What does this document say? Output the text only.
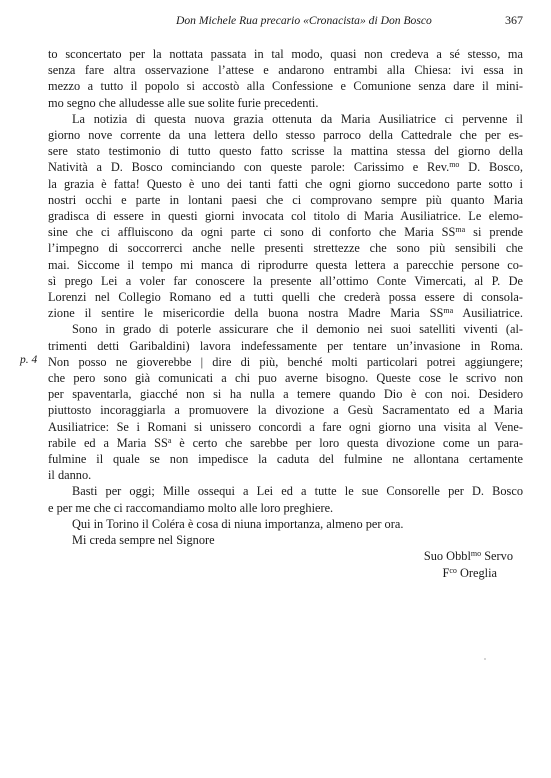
Don Michele Rua precario «Cronacista» di Don Bosco	367
p. 4
to sconcertato per la nottata passata in tal modo, quasi non credeva a sé stesso, ma
senza fare altra osservazione l’attese e andarono entrambi alla Chiesa: ivi essa in
mezzo a tutto il popolo si accostò alla Confessione e Comunione senza dare il mini-
mo segno che alludesse alle sue solite furie precedenti.
La notizia di questa nuova grazia ottenuta da Maria Ausiliatrice ci pervenne il
giorno nove corrente da una lettera dello stesso parroco della Cattedrale che per es-
sere stato testimonio di tutto questo fatto scrisse la mattina stessa del giorno della
Natività a D. Bosco cominciando con queste parole: Carissimo e Rev.$^{mo}$ D. Bosco,
la grazia è fatta! Questo è uno dei tanti fatti che ogni giorno succedono parte sotto i
nostri occhi e parte in lontani paesi che ci comprovano sempre più quanto Maria
gradisca di essere in questi giorni invocata col titolo di Maria Ausiliatrice. Le elemo-
sine che ci affluiscono da ogni parte ci sono di conforto che Maria $SS^{ma}$ si prende
l’impegno di soccorrerci anche nelle presenti strettezze che sono più sensibili che
mai. Siccome il tempo mi manca di riprodurre questa lettera a parecchie persone co-
sì prego Lei a voler far conoscere la presente all’ottimo Conte Vimercati, al P. De
Lorenzi nel Collegio Romano ed a tutti quelli che crederà possa essere di consola-
zione il sentire le misericordie della buona nostra Madre Maria $SS^{ma}$ Ausiliatrice.
Sono in grado di poterle assicurare che il demonio nei suoi satelliti viventi (al-
trimenti detti Garibaldini) lavora indefessamente per tentare un’invasione in Roma.
Non posso ne gioverebbe | dire di più, benché molti particolari potrei aggiungere;
che pero sono già comunicati a chi puo averne bisogno. Queste cose le scrivo non
per spaventarla, giacché non si ha nulla a temere quando Dio è con noi. Desidero
piuttosto incoraggiarla a promuovere la divozione a Gesù Sacramentato ed a Maria
Ausiliatrice: Se i Romani si unissero concordi a fare ogni giorno una visita al Vene-
rabile ed a Maria $SS^a$ è certo che sarebbe per loro questa divozione come un para-
fulmine il quale se non impedisce la caduta del fulmine ne allontana certamente
il danno.
Basti per oggi; Mille ossequi a Lei ed a tutte le sue Consorelle per D. Bosco
e per me che ci raccomandiamo molto alle loro preghiere.
Qui in Torino il Coléra è cosa di niuna importanza, almeno per ora.
Mi creda sempre nel Signore
Suo Obbl$^{mo}$ Servo
$F^{co}$ Oreglia
